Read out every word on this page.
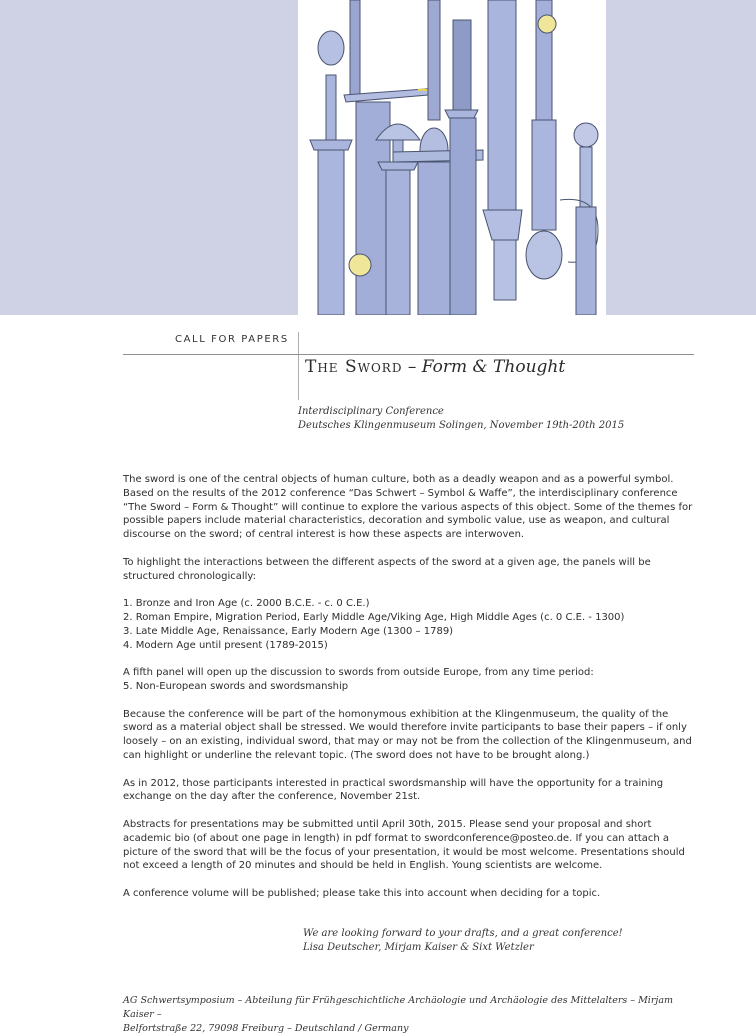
CALL FOR PAPERS
The Sword – Form & Thought
Interdisciplinary Conference
Deutsches Klingenmuseum Solingen, November 19th-20th 2015

The sword is one of the central objects of human culture, both as a deadly weapon and as a powerful symbol. Based on the results of the 2012 conference “Das Schwert – Symbol & Waffe”, the interdisciplinary conference “The Sword – Form & Thought” will continue to explore the various aspects of this object. Some of the themes for possible papers include material characteristics, decoration and symbolic value, use as weapon, and cultural discourse on the sword; of central interest is how these aspects are interwoven.

To highlight the interactions between the different aspects of the sword at a given age, the panels will be structured chronologically:

1. Bronze and Iron Age (c. 2000 B.C.E. - c. 0 C.E.)
2. Roman Empire, Migration Period, Early Middle Age/Viking Age, High Middle Ages (c. 0 C.E. - 1300)
3. Late Middle Age, Renaissance, Early Modern Age (1300 – 1789)
4. Modern Age until present (1789-2015)

A fifth panel will open up the discussion to swords from outside Europe, from any time period:
5. Non-European swords and swordsmanship

Because the conference will be part of the homonymous exhibition at the Klingenmuseum, the quality of the sword as a material object shall be stressed. We would therefore invite participants to base their papers – if only loosely – on an existing, individual sword, that may or may not be from the collection of the Klingenmuseum, and can highlight or underline the relevant topic. (The sword does not have to be brought along.)

As in 2012, those participants interested in practical swordsmanship will have the opportunity for a training exchange on the day after the conference, November 21st.

Abstracts for presentations may be submitted until April 30th, 2015. Please send your proposal and short academic bio (of about one page in length) in pdf format to swordconference@posteo.de. If you can attach a picture of the sword that will be the focus of your presentation, it would be most welcome. Presentations should not exceed a length of 20 minutes and should be held in English. Young scientists are welcome.

A conference volume will be published; please take this into account when deciding for a topic.

We are looking forward to your drafts, and a great conference!
Lisa Deutscher, Mirjam Kaiser & Sixt Wetzler
AG Schwertsymposium – Abteilung für Frühgeschichtliche Archäologie und Archäologie des Mittelalters – Mirjam Kaiser –
Belfortstraße 22, 79098 Freiburg – Deutschland / Germany
